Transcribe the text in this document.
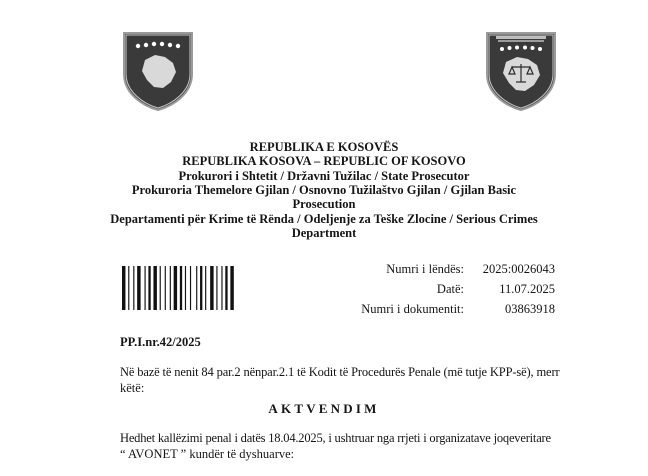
REPUBLIKA E KOSOVËS
REPUBLIKA KOSOVA – REPUBLIC OF KOSOVO
Prokurori i Shtetit / Državni Tužilac / State Prosecutor
Prokuroria Themelore Gjilan / Osnovno Tužilaštvo Gjilan / Gjilan Basic
Prosecution
Departamenti për Krime të Rënda / Odeljenje za Teške Zlocine / Serious Crimes
Department
Numri i lëndës:	2025:0026043
Datë:	11.07.2025
Numri i dokumentit:	03863918
PP.I.nr.42/2025
Në bazë të nenit 84 par.2 nënpar.2.1 të Kodit të Procedurës Penale (më tutje KPP-së), merr
këtë:
AKTVENDIM
Hedhet kallëzimi penal i datës 18.04.2025, i ushtruar nga rrjeti i organizatave joqeveritare
“ AVONET ” kundër të dyshuarve:
